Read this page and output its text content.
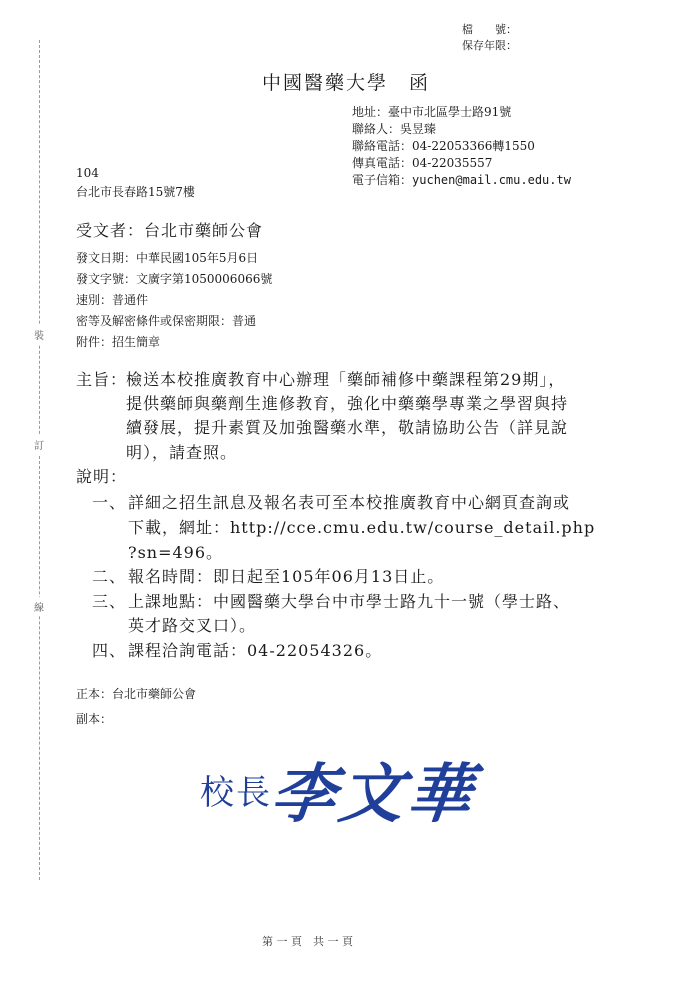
裝
訂
線
檔　　號：
保存年限：
中國醫藥大學　函
地址：臺中市北區學士路91號
聯絡人：吳昱臻
聯絡電話：04-22053366轉1550
傳真電話：04-22035557
電子信箱：yuchen@mail.cmu.edu.tw
104
台北市長春路15號7樓
受文者：台北市藥師公會
發文日期：中華民國105年5月6日
發文字號：文廣字第1050006066號
速別：普通件
密等及解密條件或保密期限：普通
附件：招生簡章
主旨：
檢送本校推廣教育中心辦理「藥師補修中藥課程第29期」，
提供藥師與藥劑生進修教育，強化中藥藥學專業之學習與持
續發展，提升素質及加強醫藥水準，敬請協助公告（詳見說
明），請查照。
說明：
一、 詳細之招生訊息及報名表可至本校推廣教育中心網頁查詢或
下載，網址：http://cce.cmu.edu.tw/course_detail.php
?sn=496。
二、 報名時間：即日起至105年06月13日止。
三、 上課地點：中國醫藥大學台中市學士路九十一號（學士路、
英才路交叉口）。
四、 課程洽詢電話：04-22054326。
正本：台北市藥師公會
副本：
校長
李文華
第 一 頁　共 一 頁
